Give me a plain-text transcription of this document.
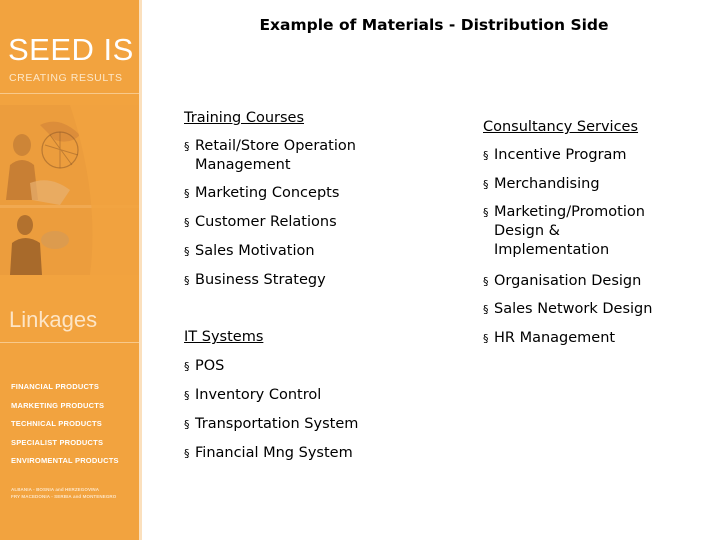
SEED IS
CREATING RESULTS
Linkages
FINANCIAL PRODUCTS
MARKETING PRODUCTS
TECHNICAL PRODUCTS
SPECIALIST PRODUCTS
ENVIROMENTAL PRODUCTS
ALBANIA - BOSNIA and HERZEGOVINA
FRY MACEDONIA - SERBIA and MONTENEGRO
Example of Materials - Distribution Side
Training Courses
§ Retail/Store Operation
Management
§ Marketing Concepts
§ Customer Relations
§ Sales Motivation
§ Business Strategy
IT Systems
§ POS
§ Inventory Control
§ Transportation System
§ Financial Mng System
Consultancy Services
§ Incentive Program
§ Merchandising
§ Marketing/Promotion
Design &
Implementation
§ Organisation Design
§ Sales Network Design
§ HR Management
